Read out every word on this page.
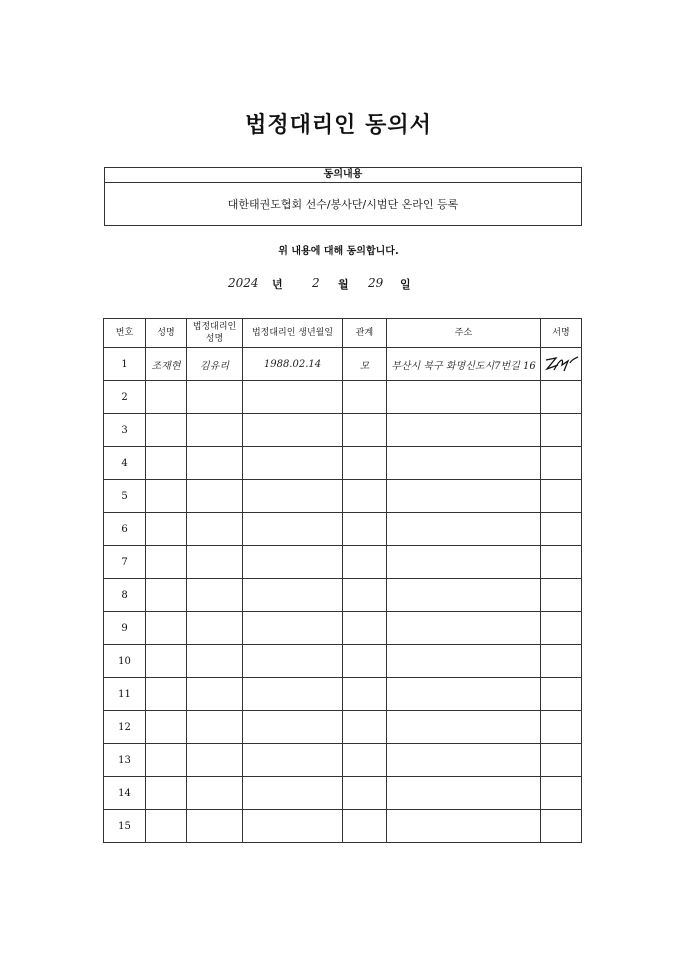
법정대리인 동의서
동의내용
대한태권도협회 선수/봉사단/시범단 온라인 등록
위 내용에 대해 동의합니다.
2024 년 2 월 29 일
번호	성명	법정대리인 성명	법정대리인 생년월일	관계	주소	서명
1	조재현	김유리	1988.02.14	모	부산시 북구 화명신도시7번길 16	

2						
3						
4						
5						
6						
7						
8						
9						
10						
11						
12						
13						
14						
15						
